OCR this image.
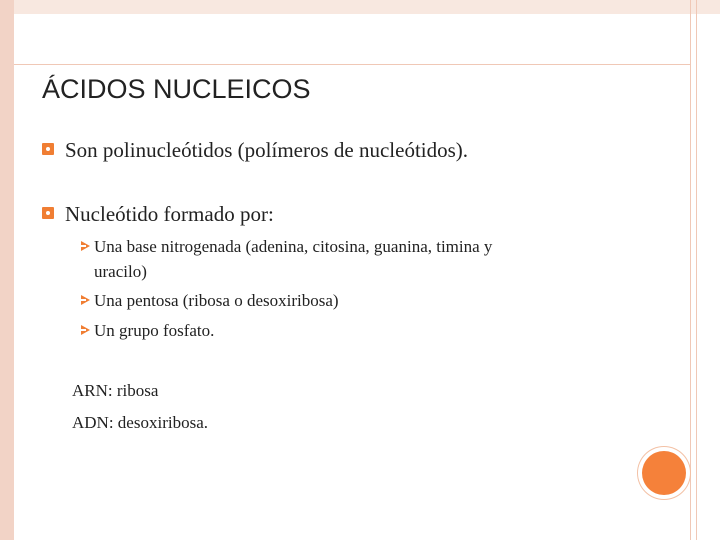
ÁCIDOS NUCLEICOS
Son polinucleótidos (polímeros de nucleótidos).
Nucleótido formado por:
Una base nitrogenada (adenina, citosina, guanina, timina y
uracilo)
Una pentosa (ribosa o desoxiribosa)
Un grupo fosfato.
ARN: ribosa
ADN: desoxiribosa.
